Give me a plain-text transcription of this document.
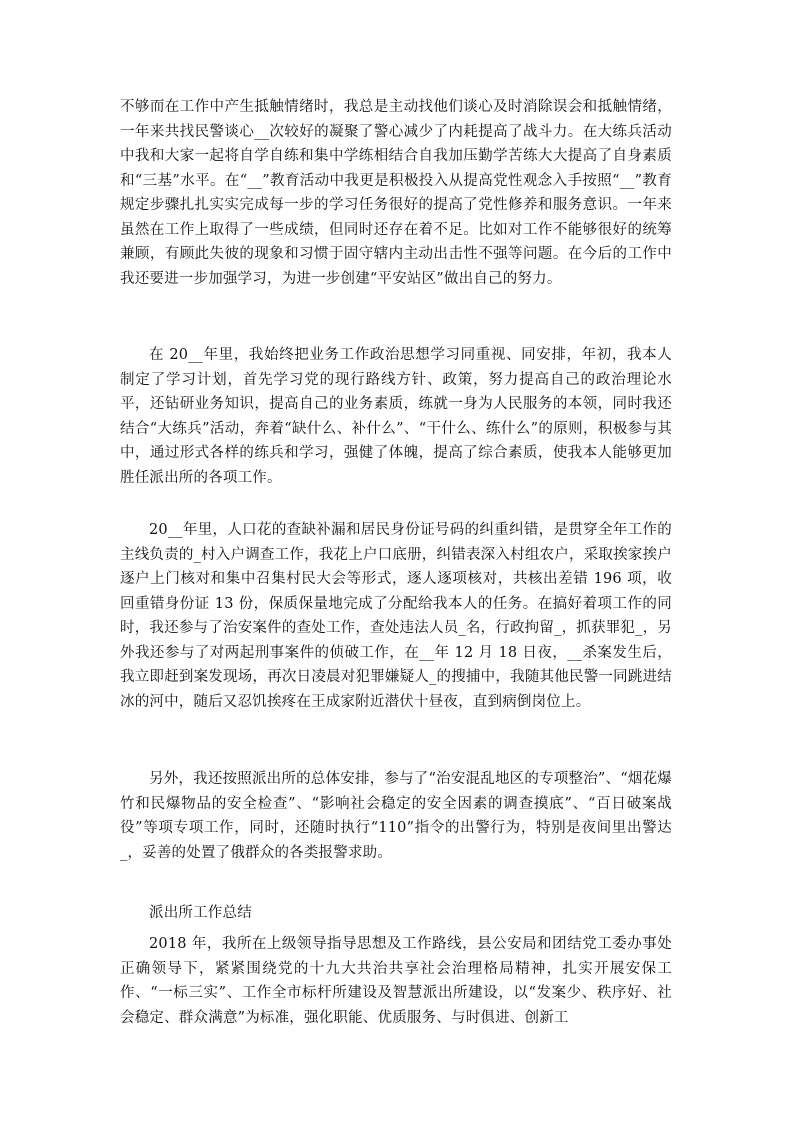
不够而在工作中产生抵触情绪时，我总是主动找他们谈心及时消除误会和抵触情绪，一年来共找民警谈心__次较好的凝聚了警心减少了内耗提高了战斗力。在大练兵活动中我和大家一起将自学自练和集中学练相结合自我加压勤学苦练大大提高了自身素质和“三基”水平。在“__”教育活动中我更是积极投入从提高党性观念入手按照“__”教育规定步骤扎扎实实完成每一步的学习任务很好的提高了党性修养和服务意识。一年来虽然在工作上取得了一些成绩，但同时还存在着不足。比如对工作不能够很好的统筹兼顾，有顾此失彼的现象和习惯于固守辖内主动出击性不强等问题。在今后的工作中我还要进一步加强学习，为进一步创建“平安站区”做出自己的努力。

在 20__年里，我始终把业务工作政治思想学习同重视、同安排，年初，我本人制定了学习计划，首先学习党的现行路线方针、政策，努力提高自己的政治理论水平，还钻研业务知识，提高自己的业务素质，练就一身为人民服务的本领，同时我还结合“大练兵”活动，奔着“缺什么、补什么”、“干什么、练什么”的原则，积极参与其中，通过形式各样的练兵和学习，强健了体魄，提高了综合素质，使我本人能够更加胜任派出所的各项工作。

20__年里，人口花的查缺补漏和居民身份证号码的纠重纠错，是贯穿全年工作的主线负责的_村入户调查工作，我花上户口底册，纠错表深入村组农户，采取挨家挨户逐户上门核对和集中召集村民大会等形式，逐人逐项核对，共核出差错 196 项，收回重错身份证 13 份，保质保量地完成了分配给我本人的任务。在搞好着项工作的同时，我还参与了治安案件的查处工作，查处违法人员_名，行政拘留_，抓获罪犯_，另外我还参与了对两起刑事案件的侦破工作，在__年 12 月 18 日夜，__杀案发生后，我立即赶到案发现场，再次日凌晨对犯罪嫌疑人_的搜捕中，我随其他民警一同跳进结冰的河中，随后又忍饥挨疼在王成家附近潜伏十昼夜，直到病倒岗位上。

另外，我还按照派出所的总体安排，参与了“治安混乱地区的专项整治”、“烟花爆竹和民爆物品的安全检查”、“影响社会稳定的安全因素的调查摸底”、“百日破案战役”等项专项工作，同时，还随时执行“110”指令的出警行为，特别是夜间里出警达_，妥善的处置了俄群众的各类报警求助。

派出所工作总结

2018 年，我所在上级领导指导思想及工作路线，县公安局和团结党工委办事处正确领导下，紧紧围绕党的十九大共治共享社会治理格局精神，扎实开展安保工作、“一标三实”、工作全市标杆所建设及智慧派出所建设，以“发案少、秩序好、社会稳定、群众满意”为标准，强化职能、优质服务、与时俱进、创新工
